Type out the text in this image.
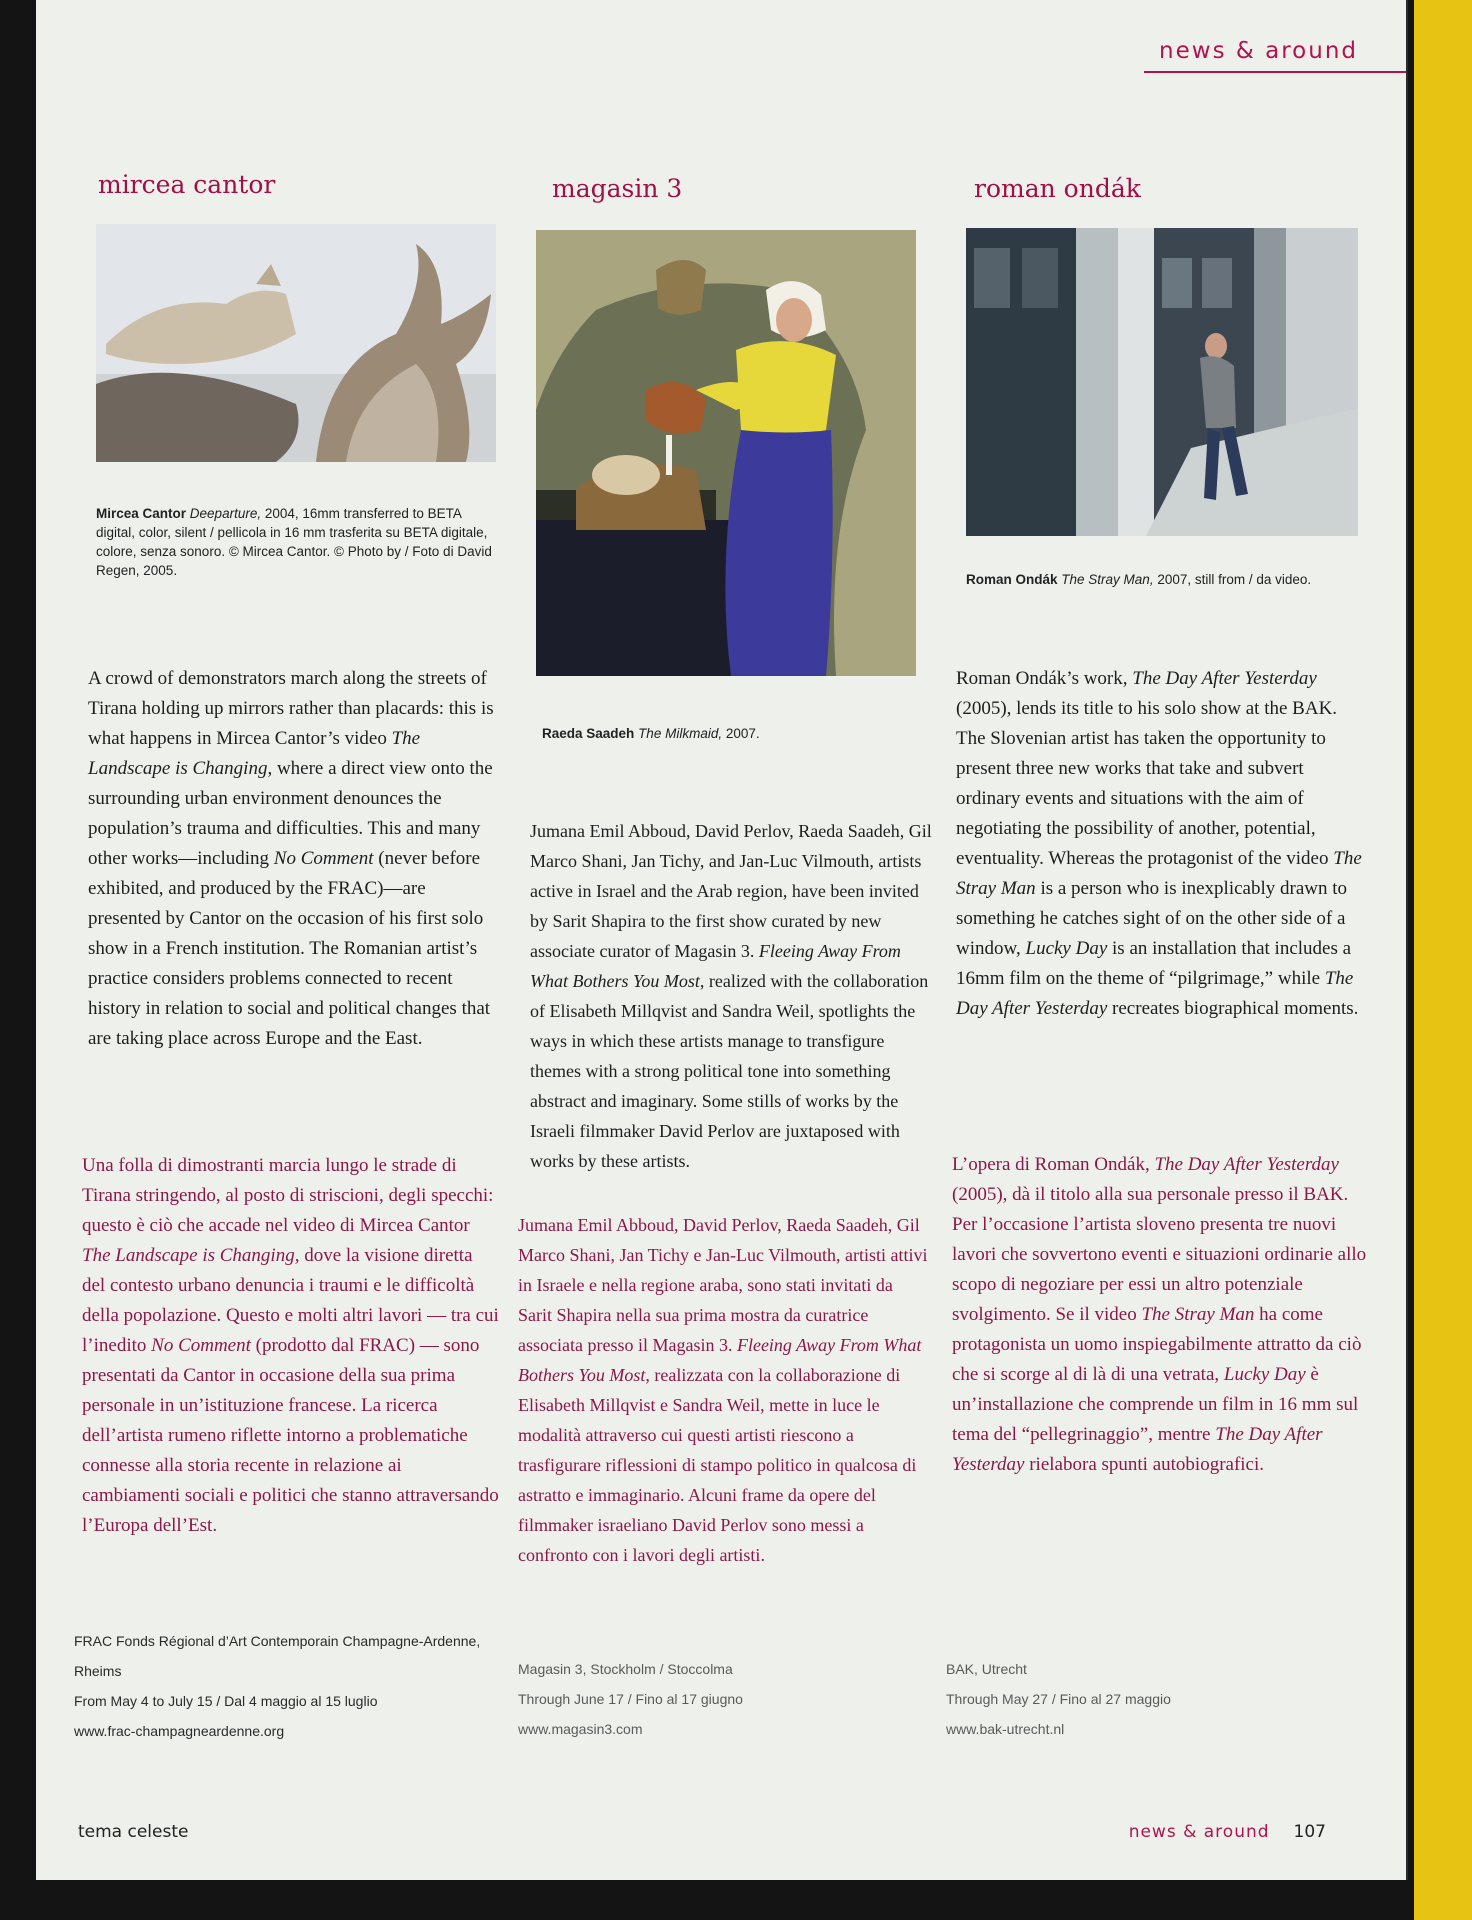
news & around
mircea cantor
Mircea Cantor Deeparture, 2004, 16mm transferred to BETA digital, color, silent / pellicola in 16 mm trasferita su BETA digitale, colore, senza sonoro. © Mircea Cantor. © Photo by / Foto di David Regen, 2005.
A crowd of demonstrators march along the streets of Tirana holding up mirrors rather than placards: this is what happens in Mircea Cantor’s video The Landscape is Changing, where a direct view onto the surrounding urban environment denounces the population’s trauma and difficulties. This and many other works—including No Comment (never before exhibited, and produced by the FRAC)—are presented by Cantor on the occasion of his first solo show in a French institution. The Romanian artist’s practice considers problems connected to recent history in relation to social and political changes that are taking place across Europe and the East.
Una folla di dimostranti marcia lungo le strade di Tirana stringendo, al posto di striscioni, degli specchi: questo è ciò che accade nel video di Mircea Cantor The Landscape is Changing, dove la visione diretta del contesto urbano denuncia i traumi e le difficoltà della popolazione. Questo e molti altri lavori — tra cui l’inedito No Comment (prodotto dal FRAC) — sono presentati da Cantor in occasione della sua prima personale in un’istituzione francese. La ricerca dell’artista rumeno riflette intorno a problematiche connesse alla storia recente in relazione ai cambiamenti sociali e politici che stanno attraversando l’Europa dell’Est.
FRAC Fonds Régional d’Art Contemporain Champagne-Ardenne, Rheims
From May 4 to July 15 / Dal 4 maggio al 15 luglio
www.frac-champagneardenne.org
magasin 3
Raeda Saadeh The Milkmaid, 2007.
Jumana Emil Abboud, David Perlov, Raeda Saadeh, Gil Marco Shani, Jan Tichy, and Jan-Luc Vilmouth, artists active in Israel and the Arab region, have been invited by Sarit Shapira to the first show curated by new associate curator of Magasin 3. Fleeing Away From What Bothers You Most, realized with the collaboration of Elisabeth Millqvist and Sandra Weil, spotlights the ways in which these artists manage to transfigure themes with a strong political tone into something abstract and imaginary. Some stills of works by the Israeli filmmaker David Perlov are juxtaposed with works by these artists.
Jumana Emil Abboud, David Perlov, Raeda Saadeh, Gil Marco Shani, Jan Tichy e Jan-Luc Vilmouth, artisti attivi in Israele e nella regione araba, sono stati invitati da Sarit Shapira nella sua prima mostra da curatrice associata presso il Magasin 3. Fleeing Away From What Bothers You Most, realizzata con la collaborazione di Elisabeth Millqvist e Sandra Weil, mette in luce le modalità attraverso cui questi artisti riescono a trasfigurare riflessioni di stampo politico in qualcosa di astratto e immaginario. Alcuni frame da opere del filmmaker israeliano David Perlov sono messi a confronto con i lavori degli artisti.
Magasin 3, Stockholm / Stoccolma
Through June 17 / Fino al 17 giugno
www.magasin3.com
roman ondák
Roman Ondák The Stray Man, 2007, still from / da video.
Roman Ondák’s work, The Day After Yesterday (2005), lends its title to his solo show at the BAK. The Slovenian artist has taken the opportunity to present three new works that take and subvert ordinary events and situations with the aim of negotiating the possibility of another, potential, eventuality. Whereas the protagonist of the video The Stray Man is a person who is inexplicably drawn to something he catches sight of on the other side of a window, Lucky Day is an installation that includes a 16mm film on the theme of “pilgrimage,” while The Day After Yesterday recreates biographical moments.
L’opera di Roman Ondák, The Day After Yesterday (2005), dà il titolo alla sua personale presso il BAK. Per l’occasione l’artista sloveno presenta tre nuovi lavori che sovvertono eventi e situazioni ordinarie allo scopo di negoziare per essi un altro potenziale svolgimento. Se il video The Stray Man ha come protagonista un uomo inspiegabilmente attratto da ciò che si scorge al di là di una vetrata, Lucky Day è un’installazione che comprende un film in 16 mm sul tema del “pellegrinaggio”, mentre The Day After Yesterday rielabora spunti autobiografici.
BAK, Utrecht
Through May 27 / Fino al 27 maggio
www.bak-utrecht.nl
tema celeste	news & around 107
